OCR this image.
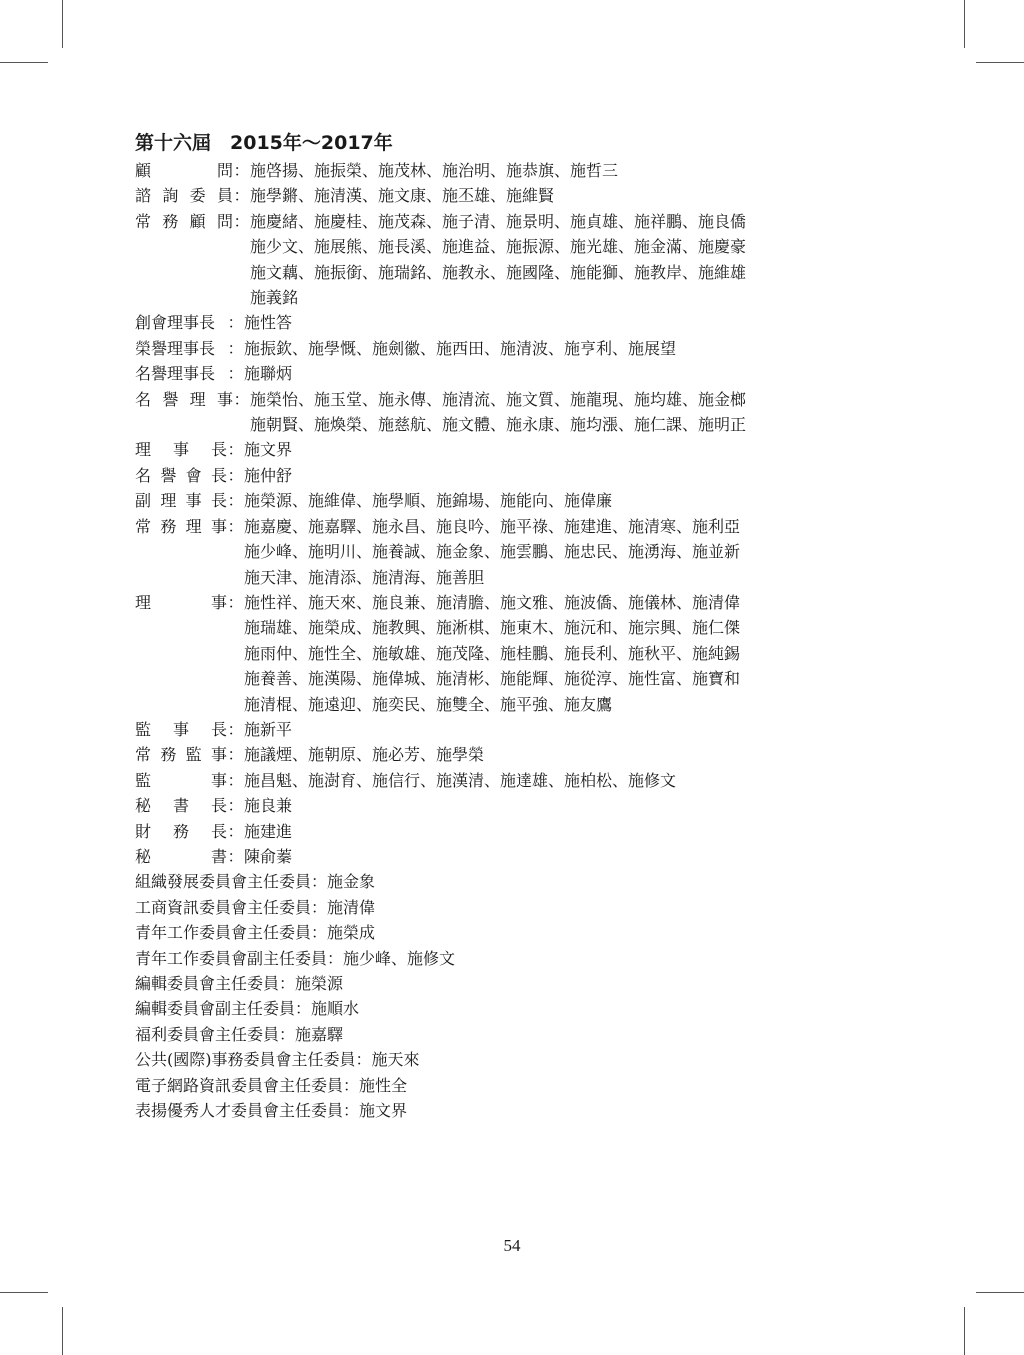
第十六屆　2015年～2017年
顧	問 ： 施啓揚、施振榮、施茂林、施治明、施恭旗、施哲三
諮 詢 委 員 ： 施學鏘、施清漢、施文康、施丕雄、施維賢
常 務 顧 問 ： 施慶緒、施慶桂、施茂森、施子清、施景明、施貞雄、施祥鵬、施良僑
施少文、施展熊、施長溪、施進益、施振源、施光雄、施金滿、施慶豪
施文藕、施振銜、施瑞銘、施教永、施國隆、施能獅、施教岸、施維雄
施義銘
創會理事長 ： 施性答
榮譽理事長 ： 施振欽、施學慨、施劍徽、施西田、施清波、施亨利、施展望
名譽理事長 ： 施聯炳
名 譽 理 事 ： 施榮怡、施玉堂、施永傳、施清流、施文質、施龍現、施均雄、施金榔
施朝賢、施煥榮、施慈航、施文體、施永康、施均漲、施仁課、施明正
理 事 長 ： 施文界
名 譽 會 長 ： 施仲舒
副 理 事 長 ： 施榮源、施維偉、施學順、施錦場、施能向、施偉廉
常 務 理 事 ： 施嘉慶、施嘉驛、施永昌、施良吟、施平祿、施建進、施清寒、施利亞
施少峰、施明川、施養誠、施金象、施雲鵬、施忠民、施湧海、施並新
施天津、施清添、施清海、施善胆
理	事 ： 施性祥、施天來、施良兼、施清膽、施文雅、施波僑、施儀林、施清偉
施瑞雄、施榮成、施教興、施淅棋、施東木、施沅和、施宗興、施仁傑
施雨仲、施性全、施敏雄、施茂隆、施桂鵬、施長利、施秋平、施純錫
施養善、施漢陽、施偉城、施清彬、施能輝、施從淳、施性富、施寶和
施清棍、施遠迎、施奕民、施雙全、施平強、施友鷹
監 事 長 ： 施新平
常 務 監 事 ： 施議煙、施朝原、施必芳、施學榮
監	事 ： 施昌魁、施澍育、施信行、施漢清、施達雄、施柏松、施修文
秘 書 長 ： 施良兼
財 務 長 ： 施建進
秘	書 ： 陳俞蓁
組織發展委員會主任委員：施金象
工商資訊委員會主任委員：施清偉
青年工作委員會主任委員：施榮成
青年工作委員會副主任委員：施少峰、施修文
編輯委員會主任委員：施榮源
編輯委員會副主任委員：施順水
福利委員會主任委員：施嘉驛
公共(國際)事務委員會主任委員：施天來
電子網路資訊委員會主任委員：施性全
表揚優秀人才委員會主任委員：施文界
54
